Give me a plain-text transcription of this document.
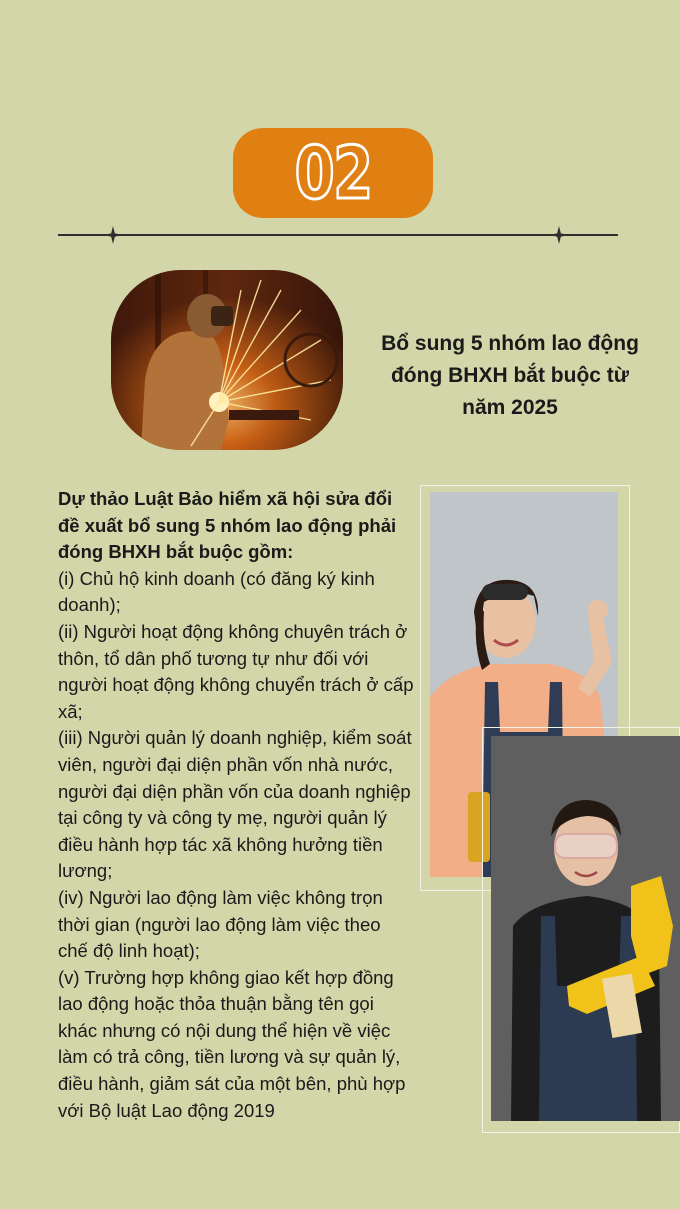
02
Bổ sung 5 nhóm lao động đóng BHXH bắt buộc từ năm 2025
Dự thảo Luật Bảo hiểm xã hội sửa đổi đề xuất bổ sung 5 nhóm lao động phải đóng BHXH bắt buộc gồm:
(i) Chủ hộ kinh doanh (có đăng ký kinh doanh);
(ii) Người hoạt động không chuyên trách ở thôn, tổ dân phố tương tự như đối với người hoạt động không chuyển trách ở cấp xã;
(iii) Người quản lý doanh nghiệp, kiểm soát viên, người đại diện phần vốn nhà nước, người đại diện phần vốn của doanh nghiệp tại công ty và công ty mẹ, người quản lý điều hành hợp tác xã không hưởng tiền lương;
(iv) Người lao động làm việc không trọn thời gian (người lao động làm việc theo chế độ linh hoạt);
(v) Trường hợp không giao kết hợp đồng lao động hoặc thỏa thuận bằng tên gọi khác nhưng có nội dung thể hiện về việc làm có trả công, tiền lương và sự quản lý, điều hành, giảm sát của một bên, phù hợp với Bộ luật Lao động 2019
